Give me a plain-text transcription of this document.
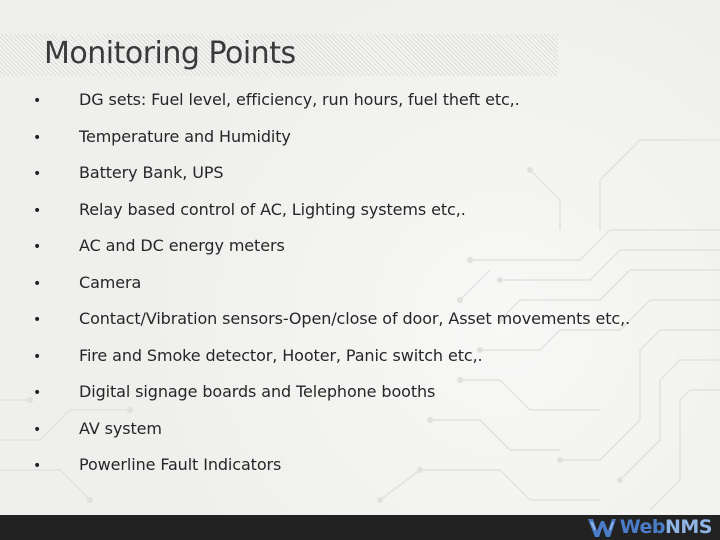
Monitoring Points
• DG sets: Fuel level, efficiency, run hours, fuel theft etc,.
• Temperature and Humidity
• Battery Bank, UPS
• Relay based control of AC, Lighting systems etc,.
• AC and DC energy meters
• Camera
• Contact/Vibration sensors-Open/close of door, Asset movements etc,.
• Fire and Smoke detector, Hooter, Panic switch etc,.
• Digital signage boards and Telephone booths
• AV system
• Powerline Fault Indicators
WebNMS
